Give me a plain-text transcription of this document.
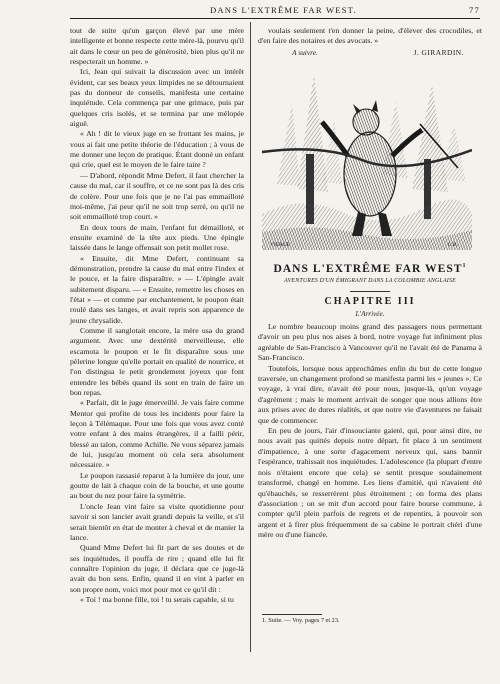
DANS L'EXTRÊME FAR WEST.	77

tout de suite qu'un garçon élevé par une mère intelligente et bonne respecte cette mère-là, pourvu qu'il ait dans le cœur un peu de générosité, bien plus qu'il ne respecterait un homme. »

Ici, Jean qui suivait la discussion avec un intérêt évident, car ses beaux yeux limpides ne se détournaient pas du donneur de conseils, manifesta une certaine inquiétude. Cela commença par une grimace, puis par quelques cris isolés, et se termina par une mélopée aiguë.

« Ah ! dit le vieux juge en se frottant les mains, je vous ai fait une petite théorie de l'éducation ; à vous de me donner une leçon de pratique. Étant donné un enfant qui crie, quel est le moyen de le faire taire ?

— D'abord, répondit Mme Defert, il faut chercher la cause du mal, car il souffre, et ce ne sont pas là des cris de colère. Pour une fois que je ne l'ai pas emmailloté moi-même, j'ai peur qu'il ne soit trop serré, ou qu'il ne soit emmailloté trop court. »

En deux tours de main, l'enfant fut démailloté, et ensuite examiné de la tête aux pieds. Une épingle laissée dans le lange offensait son petit mollet rose.

« Ensuite, dit Mme Defert, continuant sa démonstration, prendre la cause du mal entre l'index et le pouce, et la faire disparaître. » — L'épingle avait subitement disparu. — « Ensuite, remettre les choses en l'état » — et comme par enchantement, le poupon était roulé dans ses langes, et avait repris son apparence de jeune chrysalide.

Comme il sanglotait encore, la mère usa du grand argument. Avec une dextérité merveilleuse, elle escamota le poupon et le fit disparaître sous une pèlerine longue qu'elle portait en qualité de nourrice, et l'on distingua le petit grondement joyeux que font entendre les bébés quand ils sont en train de faire un bon repas.

« Parfait, dit le juge émerveillé. Je vais faire comme Mentor qui profite de tous les incidents pour faire la leçon à Télémaque. Pour une fois que vous avez conté votre enfant à des mains étrangères, il a failli périr, blessé au talon, comme Achille. Ne vous séparez jamais de lui, jusqu'au moment où cela sera absolument nécessaire. »

Le poupon rassasié reparut à la lumière du jour, une goutte de lait à chaque coin de la bouche, et une goutte au bout du nez pour faire la symétrie.

L'oncle Jean vint faire sa visite quotidienne pour savoir si son lancier avait grandi depuis la veille, et s'il serait bientôt en état de monter à cheval et de manier la lance.

Quand Mme Defert lui fit part de ses doutes et de ses inquiétudes, il pouffa de rire ; quand elle lui fit connaître l'opinion du juge, il déclara que ce juge-là avait du bon sens. Enfin, quand il en vint à parler en son propre nom, voici mot pour mot ce qu'il dit :

« Toi ! ma bonne fille, toi ! tu serais capable, si tu

voulais seulement t'en donner la peine, d'élever des crocodiles, et d'en faire des notaires et des avocats. »

A suivre.	J. GIRARDIN.
VIERGE	C.B.
DANS L'EXTRÊME FAR WEST$^1$
AVENTURES D'UN ÉMIGRANT DANS LA COLOMBIE ANGLAISE
CHAPITRE III
L'Arrivée.

Le nombre beaucoup moins grand des passagers nous permettant d'avoir un peu plus nos aises à bord, notre voyage fut infiniment plus agréable de San-Francisco à Vancouver qu'il ne l'avait été de Panama à San-Francisco.

Toutefois, lorsque nous approchâmes enfin du but de cette longue traversée, un changement profond se manifesta parmi les « jeunes ». Ce voyage, à vrai dire, n'avait été pour nous, jusque-là, qu'un voyage d'agrément ; mais le moment arrivait de songer que nous allions être aux prises avec de dures réalités, et que notre vie d'aventures ne faisait que de commencer.

En peu de jours, l'air d'insouciante gaieté, qui, pour ainsi dire, ne nous avait pas quittés depuis notre départ, fit place à un sentiment d'impatience, à une sorte d'agacement nerveux qui, sans bannir l'espérance, trahissait nos inquiétudes. L'adolescence (la plupart d'entre nois n'étaient encore que cela) se sentit presque soudainement transformé, changé en homme. Les liens d'amitié, qui n'avaient été qu'ébauchés, se resserrèrent plus étroitement ; on forma des plans d'association ; on se mit d'un accord pour faire bourse commune, à compter qu'il plein parfois de regrets et de repentirs, à pouvoir son argent et à firer plus fréquemment de sa cabine le portrait chéri d'une mère ou d'une fiancée.

1. Suite. — Voy. pages 7 et 23.
